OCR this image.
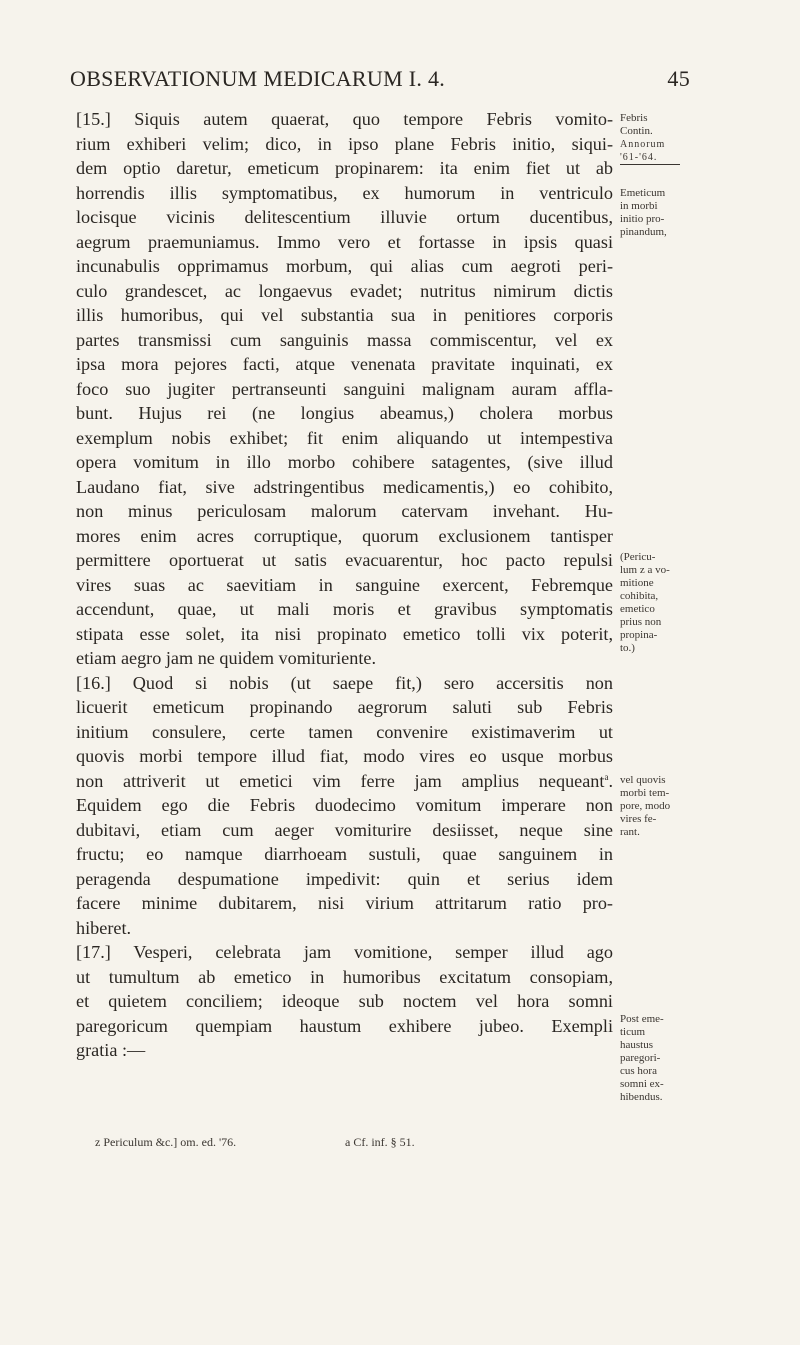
OBSERVATIONUM MEDICARUM I. 4.	45
[15.] Siquis autem quaerat, quo tempore Febris vomito-
rium exhiberi velim; dico, in ipso plane Febris initio, siqui-
dem optio daretur, emeticum propinarem: ita enim fiet ut ab
horrendis illis symptomatibus, ex humorum in ventriculo
locisque vicinis delitescentium illuvie ortum ducentibus,
aegrum praemuniamus. Immo vero et fortasse in ipsis quasi
incunabulis opprimamus morbum, qui alias cum aegroti peri-
culo grandescet, ac longaevus evadet; nutritus nimirum dictis
illis humoribus, qui vel substantia sua in penitiores corporis
partes transmissi cum sanguinis massa commiscentur, vel ex
ipsa mora pejores facti, atque venenata pravitate inquinati, ex
foco suo jugiter pertranseunti sanguini malignam auram affla-
bunt. Hujus rei (ne longius abeamus,) cholera morbus
exemplum nobis exhibet; fit enim aliquando ut intempestiva
opera vomitum in illo morbo cohibere satagentes, (sive illud
Laudano fiat, sive adstringentibus medicamentis,) eo cohibito,
non minus periculosam malorum catervam invehant. Hu-
mores enim acres corruptique, quorum exclusionem tantisper
permittere oportuerat ut satis evacuarentur, hoc pacto repulsi
vires suas ac saevitiam in sanguine exercent, Febremque
accendunt, quae, ut mali moris et gravibus symptomatis
stipata esse solet, ita nisi propinato emetico tolli vix poterit,
etiam aegro jam ne quidem vomituriente.
[16.] Quod si nobis (ut saepe fit,) sero accersitis non
licuerit emeticum propinando aegrorum saluti sub Febris
initium consulere, certe tamen convenire existimaverim ut
quovis morbi tempore illud fiat, modo vires eo usque morbus
non attriverit ut emetici vim ferre jam amplius nequeant$^a$.
Equidem ego die Febris duodecimo vomitum imperare non
dubitavi, etiam cum aeger vomiturire desiisset, neque sine
fructu; eo namque diarrhoeam sustuli, quae sanguinem in
peragenda despumatione impedivit: quin et serius idem
facere minime dubitarem, nisi virium attritarum ratio pro-
hiberet.
[17.] Vesperi, celebrata jam vomitione, semper illud ago
ut tumultum ab emetico in humoribus excitatum consopiam,
et quietem conciliem; ideoque sub noctem vel hora somni
paregoricum quempiam haustum exhibere jubeo. Exempli
gratia :—
Febris
Contin.
Annorum
'61-'64.
Emeticum
in morbi
initio pro-
pinandum,
(Pericu-
lum z a vo-
mitione
cohibita,
emetico
prius non
propina-
to.)
vel quovis
morbi tem-
pore, modo
vires fe-
rant.
Post eme-
ticum
haustus
paregori-
cus hora
somni ex-
hibendus.
z Periculum &c.] om. ed. '76.	a Cf. inf. § 51.
